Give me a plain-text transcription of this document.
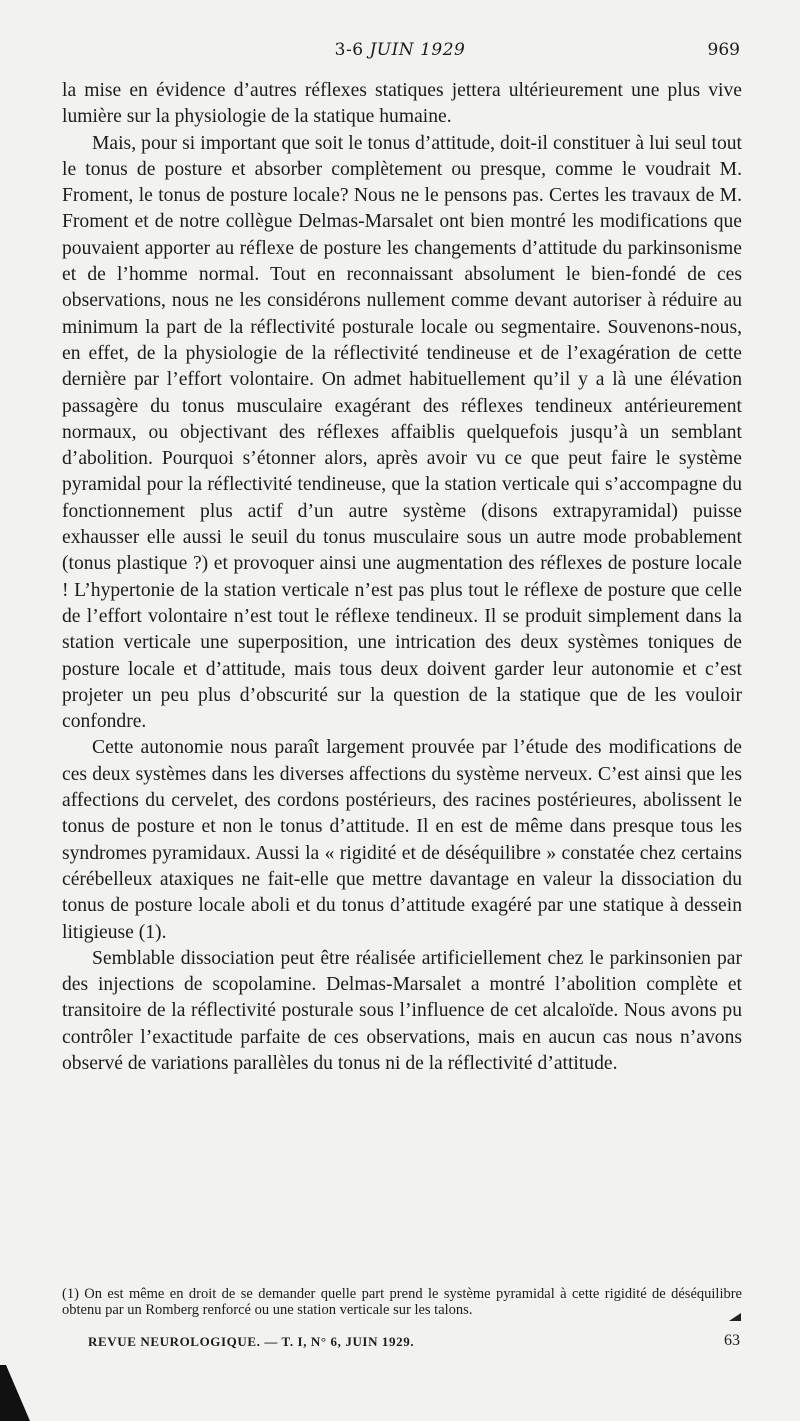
3-6 JUIN 1929	969

la mise en évidence d’autres réflexes statiques jettera ultérieurement une plus vive lumière sur la physiologie de la statique humaine.

Mais, pour si important que soit le tonus d’attitude, doit-il constituer à lui seul tout le tonus de posture et absorber complètement ou presque, comme le voudrait M. Froment, le tonus de posture locale? Nous ne le pensons pas. Certes les travaux de M. Froment et de notre collègue Delmas-Marsalet ont bien montré les modifications que pouvaient apporter au réflexe de posture les changements d’attitude du parkinsonisme et de l’homme normal. Tout en reconnaissant absolument le bien-fondé de ces observations, nous ne les considérons nullement comme devant autoriser à réduire au minimum la part de la réflectivité posturale locale ou segmentaire. Souvenons-nous, en effet, de la physiologie de la réflectivité tendineuse et de l’exagération de cette dernière par l’effort volontaire. On admet habituellement qu’il y a là une élévation passagère du tonus musculaire exagérant des réflexes tendineux antérieurement normaux, ou objectivant des réflexes affaiblis quelquefois jusqu’à un semblant d’abolition. Pourquoi s’étonner alors, après avoir vu ce que peut faire le système pyramidal pour la réflectivité tendineuse, que la station verticale qui s’accompagne du fonctionnement plus actif d’un autre système (disons extrapyramidal) puisse exhausser elle aussi le seuil du tonus musculaire sous un autre mode probablement (tonus plastique ?) et provoquer ainsi une augmentation des réflexes de posture locale ! L’hypertonie de la station verticale n’est pas plus tout le réflexe de posture que celle de l’effort volontaire n’est tout le réflexe tendineux. Il se produit simplement dans la station verticale une superposition, une intrication des deux systèmes toniques de posture locale et d’attitude, mais tous deux doivent garder leur autonomie et c’est projeter un peu plus d’obscurité sur la question de la statique que de les vouloir confondre.

Cette autonomie nous paraît largement prouvée par l’étude des modifications de ces deux systèmes dans les diverses affections du système nerveux. C’est ainsi que les affections du cervelet, des cordons postérieurs, des racines postérieures, abolissent le tonus de posture et non le tonus d’attitude. Il en est de même dans presque tous les syndromes pyramidaux. Aussi la « rigidité et de déséquilibre » constatée chez certains cérébelleux ataxiques ne fait-elle que mettre davantage en valeur la dissociation du tonus de posture locale aboli et du tonus d’attitude exagéré par une statique à dessein litigieuse (1).

Semblable dissociation peut être réalisée artificiellement chez le parkinsonien par des injections de scopolamine. Delmas-Marsalet a montré l’abolition complète et transitoire de la réflectivité posturale sous l’influence de cet alcaloïde. Nous avons pu contrôler l’exactitude parfaite de ces observations, mais en aucun cas nous n’avons observé de variations parallèles du tonus ni de la réflectivité d’attitude.

(1) On est même en droit de se demander quelle part prend le système pyramidal à cette rigidité de déséquilibre obtenu par un Romberg renforcé ou une station verticale sur les talons.
REVUE NEUROLOGIQUE. — T. I, N° 6, JUIN 1929.	63
